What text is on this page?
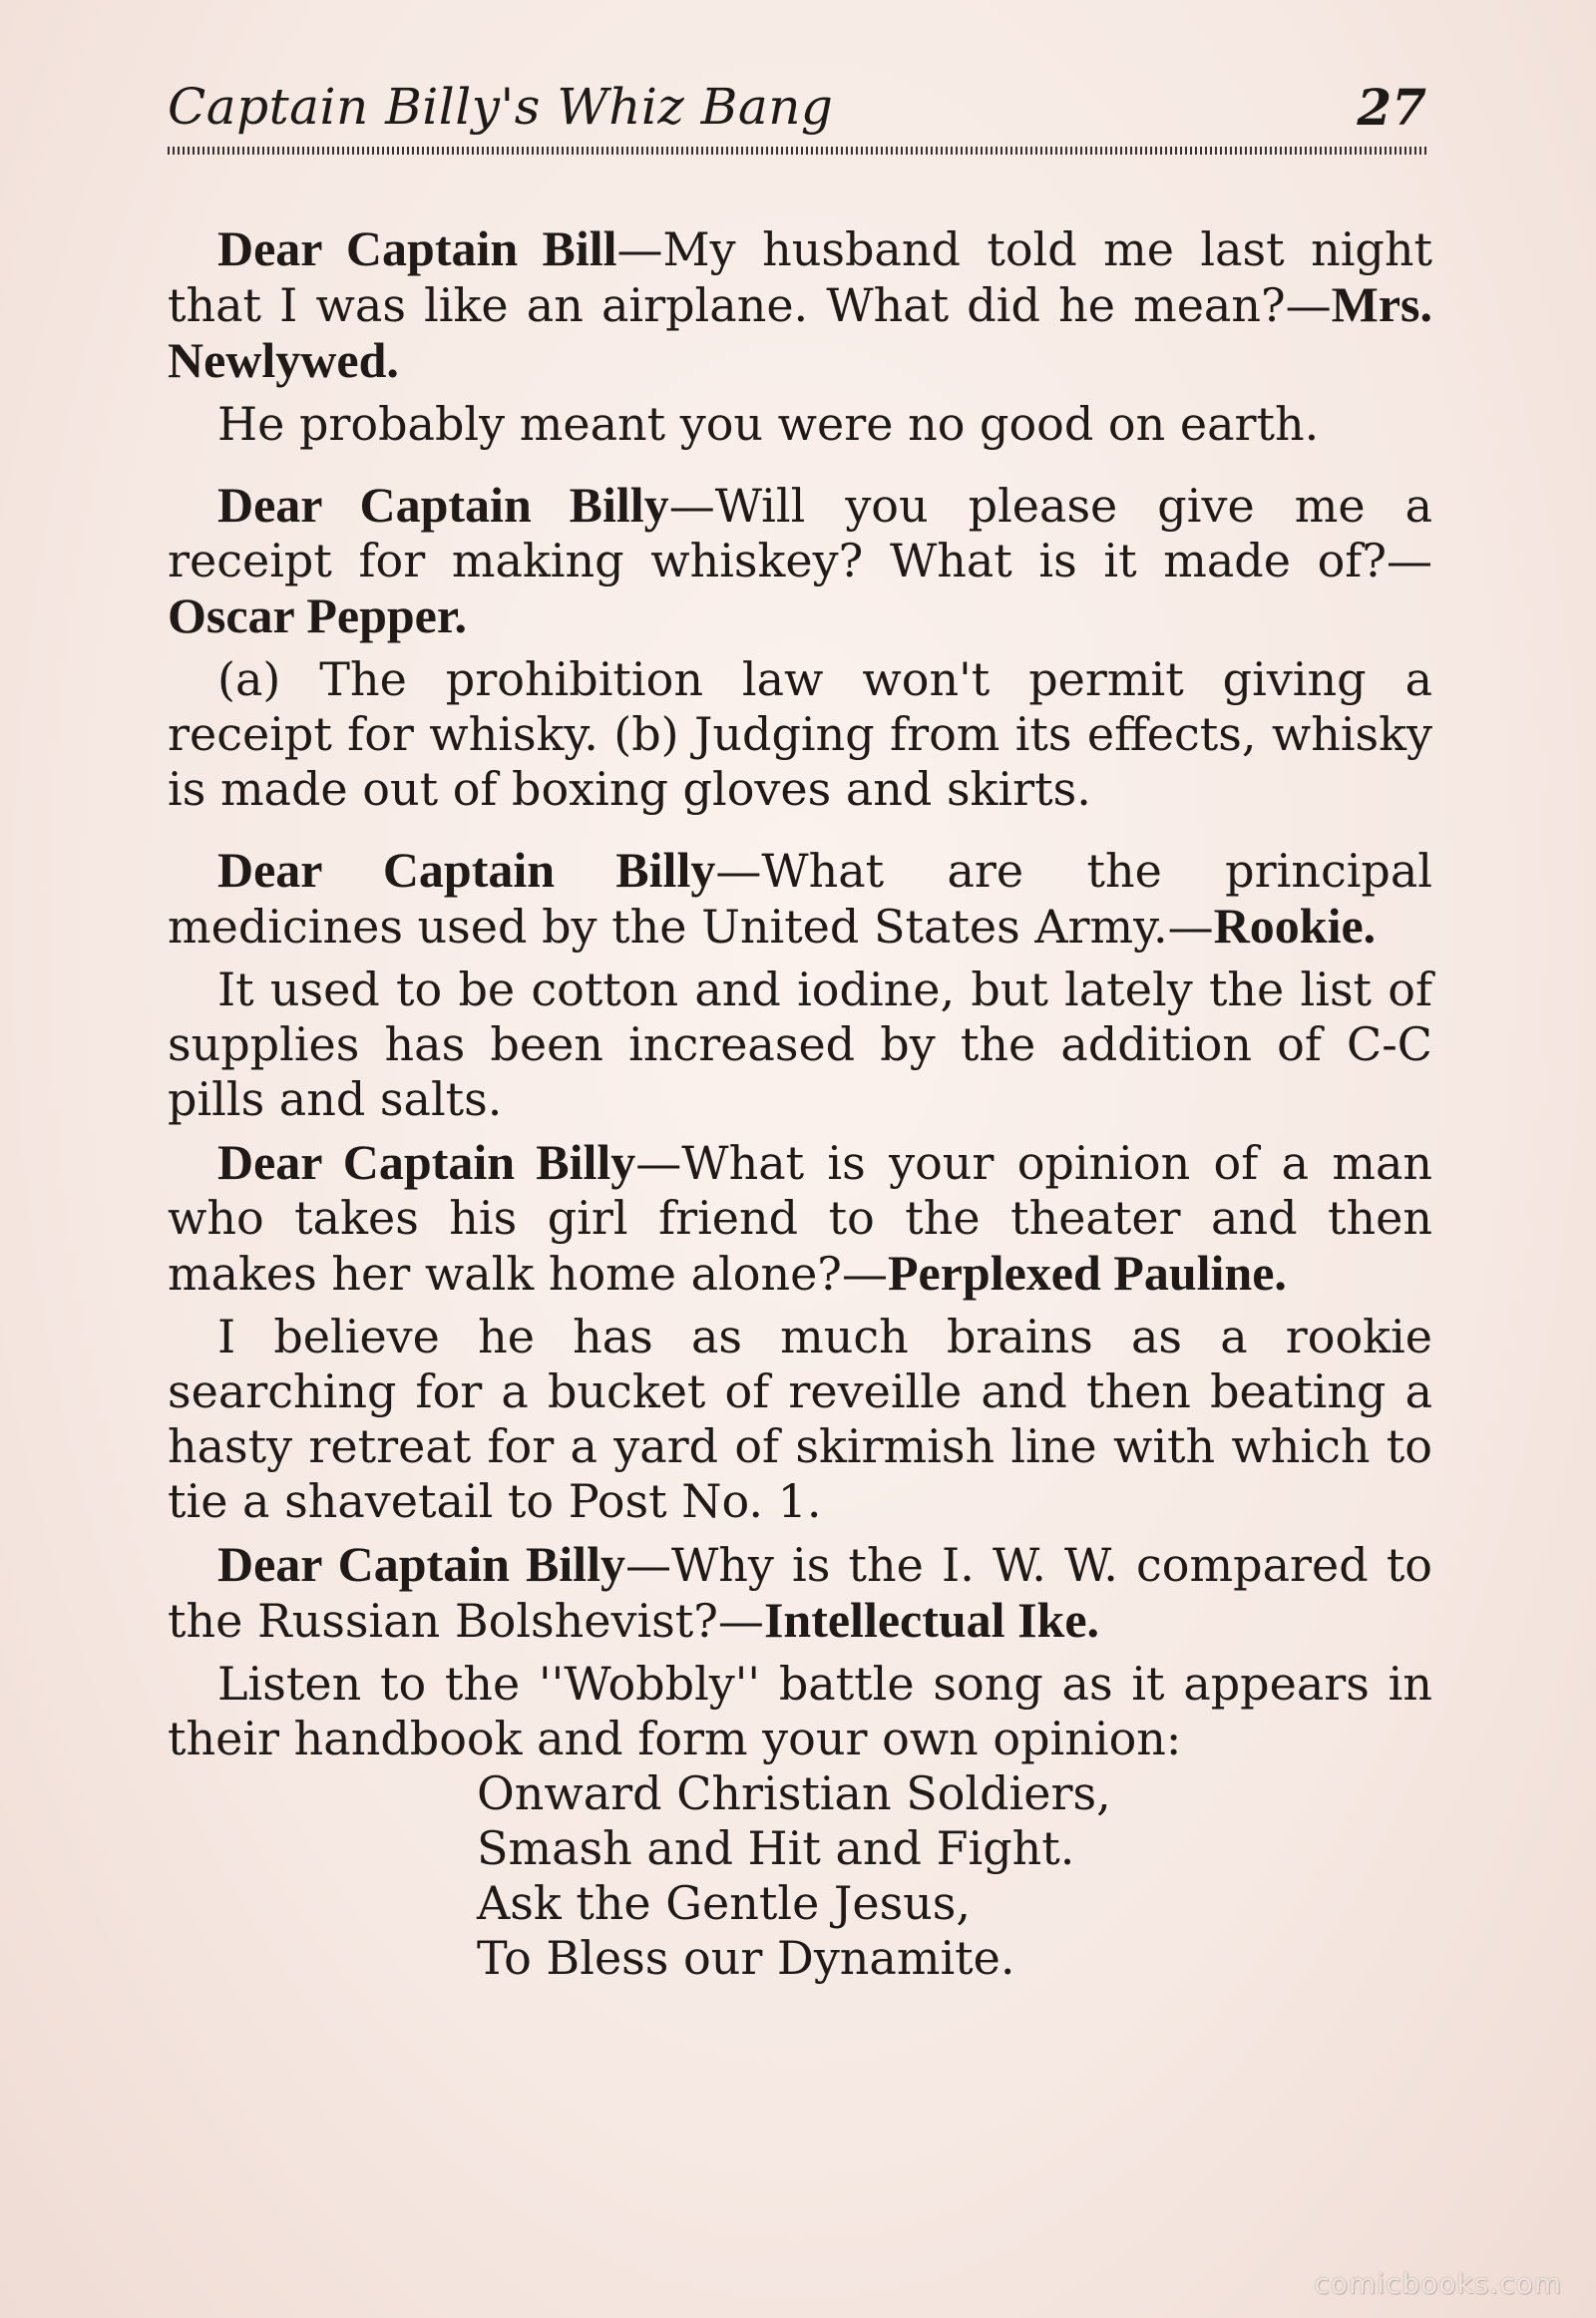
Captain Billy's Whiz Bang	27

Dear Captain Bill—My husband told me last night that I was like an airplane. What did he mean?—Mrs. Newlywed.

He probably meant you were no good on earth.

Dear Captain Billy—Will you please give me a receipt for making whiskey? What is it made of?—Oscar Pepper.

(a) The prohibition law won't permit giving a receipt for whisky. (b) Judging from its effects, whisky is made out of boxing gloves and skirts.

Dear Captain Billy—What are the principal medicines used by the United States Army.—Rookie.

It used to be cotton and iodine, but lately the list of supplies has been increased by the addition of C-C pills and salts.

Dear Captain Billy—What is your opinion of a man who takes his girl friend to the theater and then makes her walk home alone?—Perplexed Pauline.

I believe he has as much brains as a rookie searching for a bucket of reveille and then beating a hasty retreat for a yard of skirmish line with which to tie a shavetail to Post No. 1.

Dear Captain Billy—Why is the I. W. W. compared to the Russian Bolshevist?—Intellectual Ike.

Listen to the ''Wobbly'' battle song as it appears in their handbook and form your own opinion:

Onward Christian Soldiers,
Smash and Hit and Fight.
Ask the Gentle Jesus,
To Bless our Dynamite.
comicbooks.com
